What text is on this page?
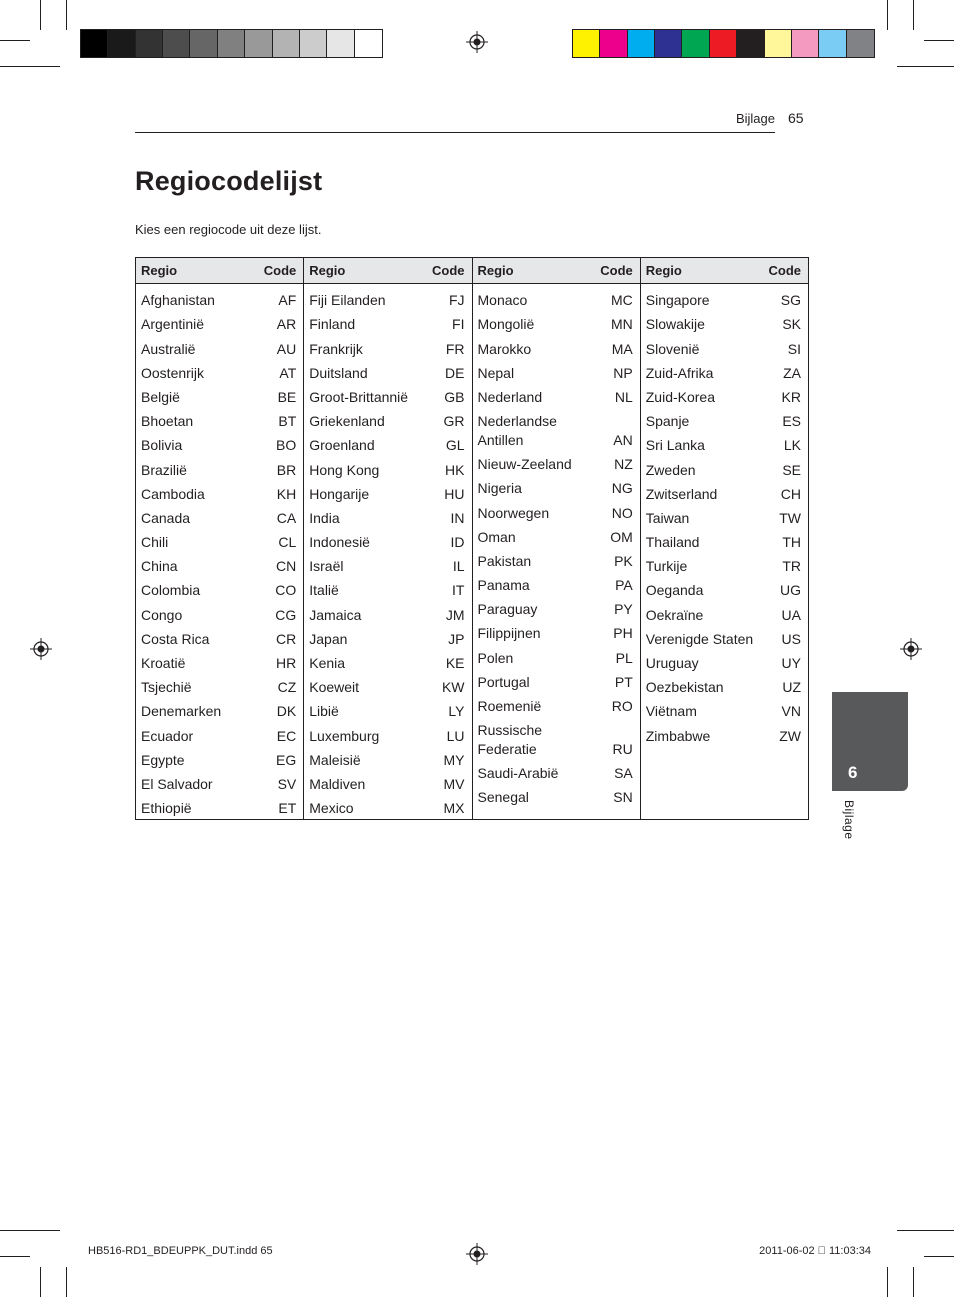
Bijlage 65
Regiocodelijst
Kies een regiocode uit deze lijst.
Regio	Code
Afghanistan	AF
Argentinië	AR
Australië	AU
Oostenrijk	AT
België	BE
Bhoetan	BT
Bolivia	BO
Brazilië	BR
Cambodia	KH
Canada	CA
Chili	CL
China	CN
Colombia	CO
Congo	CG
Costa Rica	CR
Kroatië	HR
Tsjechië	CZ
Denemarken	DK
Ecuador	EC
Egypte	EG
El Salvador	SV
Ethiopië	ET
Regio	Code
Fiji Eilanden	FJ
Finland	FI
Frankrijk	FR
Duitsland	DE
Groot-Brittannië	GB
Griekenland	GR
Groenland	GL
Hong Kong	HK
Hongarije	HU
India	IN
Indonesië	ID
Israël	IL
Italië	IT
Jamaica	JM
Japan	JP
Kenia	KE
Koeweit	KW
Libië	LY
Luxemburg	LU
Maleisië	MY
Maldiven	MV
Mexico	MX
Regio	Code
Monaco	MC
Mongolië	MN
Marokko	MA
Nepal	NP
Nederland	NL
Nederlandse Antillen	AN
Nieuw-Zeeland	NZ
Nigeria	NG
Noorwegen	NO
Oman	OM
Pakistan	PK
Panama	PA
Paraguay	PY
Filippijnen	PH
Polen	PL
Portugal	PT
Roemenië	RO
Russische Federatie	RU
Saudi-Arabië	SA
Senegal	SN
Regio	Code
Singapore	SG
Slowakije	SK
Slovenië	SI
Zuid-Afrika	ZA
Zuid-Korea	KR
Spanje	ES
Sri Lanka	LK
Zweden	SE
Zwitserland	CH
Taiwan	TW
Thailand	TH
Turkije	TR
Oeganda	UG
Oekraïne	UA
Verenigde Staten	US
Uruguay	UY
Oezbekistan	UZ
Viëtnam	VN
Zimbabwe	ZW
6
Bijlage
HB516-RD1_BDEUPPK_DUT.indd 65	2011-06-02   11:03:34
